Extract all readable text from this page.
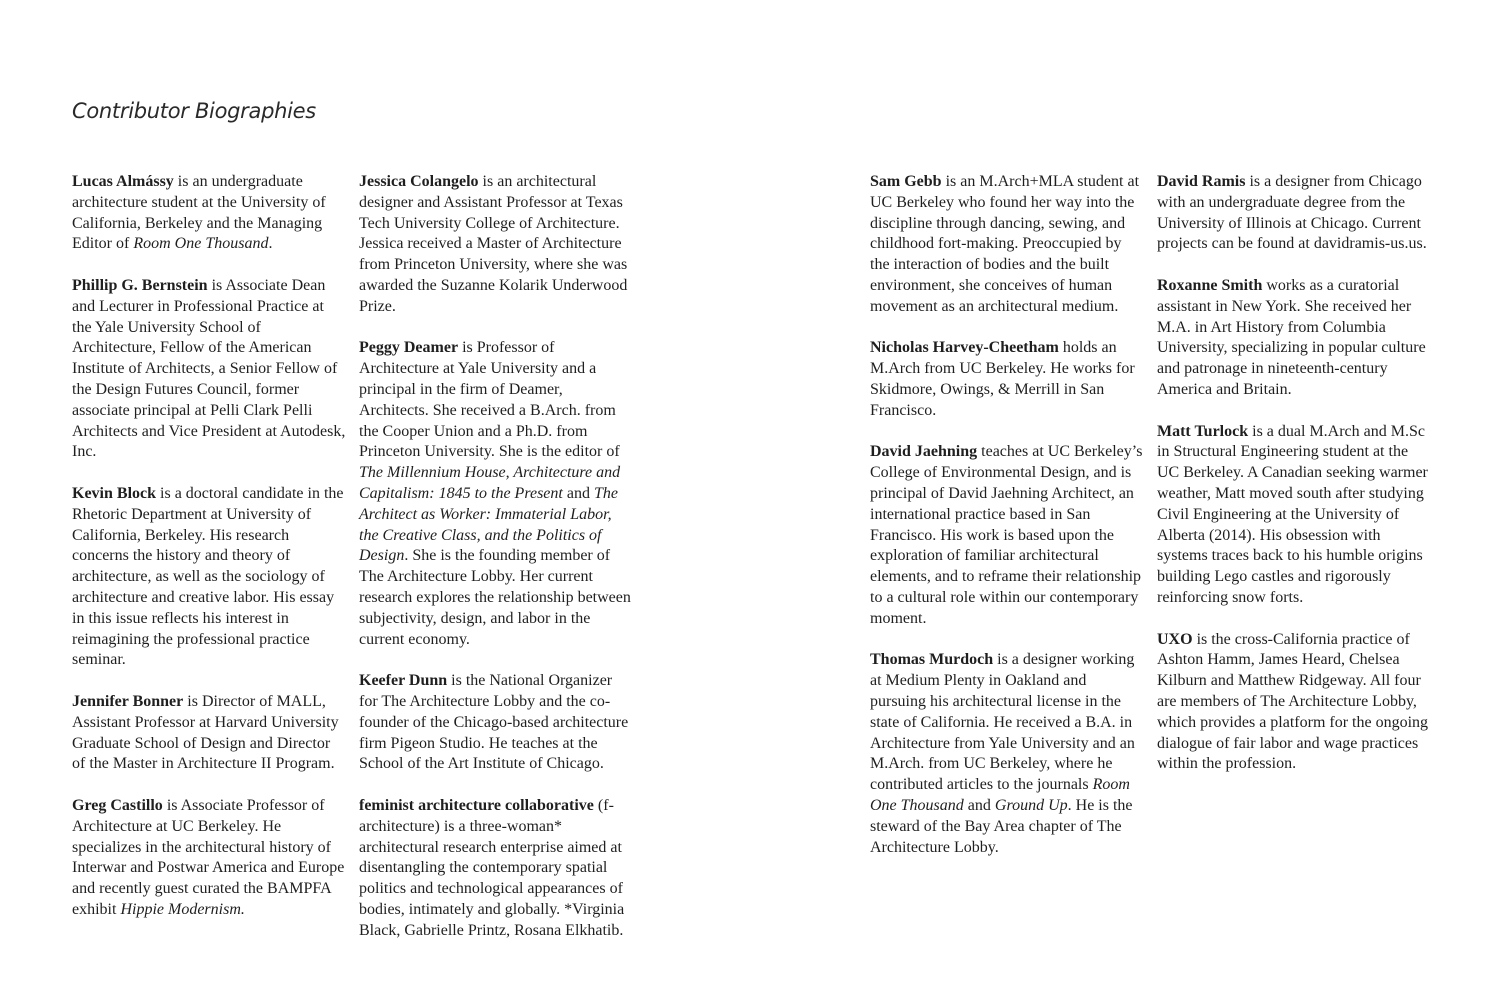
Contributor Biographies

Lucas Almássy is an undergraduate architecture student at the University of California, Berkeley and the Managing Editor of Room One Thousand.

Phillip G. Bernstein is Associate Dean and Lecturer in Professional Practice at the Yale University School of Architecture, Fellow of the American Institute of Architects, a Senior Fellow of the Design Futures Council, former associate principal at Pelli Clark Pelli Architects and Vice President at Autodesk, Inc.

Kevin Block is a doctoral candidate in the Rhetoric Department at University of California, Berkeley. His research concerns the history and theory of architecture, as well as the sociology of architecture and creative labor. His essay in this issue reflects his interest in reimagining the professional practice seminar.

Jennifer Bonner is Director of MALL, Assistant Professor at Harvard University Graduate School of Design and Director of the Master in Architecture II Program.

Greg Castillo is Associate Professor of Architecture at UC Berkeley. He specializes in the architectural history of Interwar and Postwar America and Europe and recently guest curated the BAMPFA exhibit Hippie Modernism.

Jessica Colangelo is an architectural designer and Assistant Professor at Texas Tech University College of Architecture. Jessica received a Master of Architecture from Princeton University, where she was awarded the Suzanne Kolarik Underwood Prize.

Peggy Deamer is Professor of Architecture at Yale University and a principal in the firm of Deamer, Architects. She received a B.Arch. from the Cooper Union and a Ph.D. from Princeton University. She is the editor of The Millennium House, Architecture and Capitalism: 1845 to the Present and The Architect as Worker: Immaterial Labor, the Creative Class, and the Politics of Design. She is the founding member of The Architecture Lobby. Her current research explores the relationship between subjectivity, design, and labor in the current economy.

Keefer Dunn is the National Organizer for The Architecture Lobby and the co-founder of the Chicago-based architecture firm Pigeon Studio. He teaches at the School of the Art Institute of Chicago.

feminist architecture collaborative (f-architecture) is a three-woman* architectural research enterprise aimed at disentangling the contemporary spatial politics and technological appearances of bodies, intimately and globally. *Virginia Black, Gabrielle Printz, Rosana Elkhatib.

Sam Gebb is an M.Arch+MLA student at UC Berkeley who found her way into the discipline through dancing, sewing, and childhood fort-making. Preoccupied by the interaction of bodies and the built environment, she conceives of human movement as an architectural medium.

Nicholas Harvey-Cheetham holds an M.Arch from UC Berkeley. He works for Skidmore, Owings, & Merrill in San Francisco.

David Jaehning teaches at UC Berkeley’s College of Environmental Design, and is principal of David Jaehning Architect, an international practice based in San Francisco. His work is based upon the exploration of familiar architectural elements, and to reframe their relationship to a cultural role within our contemporary moment.

Thomas Murdoch is a designer working at Medium Plenty in Oakland and pursuing his architectural license in the state of California. He received a B.A. in Architecture from Yale University and an M.Arch. from UC Berkeley, where he contributed articles to the journals Room One Thousand and Ground Up. He is the steward of the Bay Area chapter of The Architecture Lobby.

David Ramis is a designer from Chicago with an undergraduate degree from the University of Illinois at Chicago. Current projects can be found at davidramis-us.us.

Roxanne Smith works as a curatorial assistant in New York. She received her M.A. in Art History from Columbia University, specializing in popular culture and patronage in nineteenth-century America and Britain.

Matt Turlock is a dual M.Arch and M.Sc in Structural Engineering student at the UC Berkeley. A Canadian seeking warmer weather, Matt moved south after studying Civil Engineering at the University of Alberta (2014). His obsession with systems traces back to his humble origins building Lego castles and rigorously reinforcing snow forts.

UXO is the cross-California practice of Ashton Hamm, James Heard, Chelsea Kilburn and Matthew Ridgeway. All four are members of The Architecture Lobby, which provides a platform for the ongoing dialogue of fair labor and wage practices within the profession.
